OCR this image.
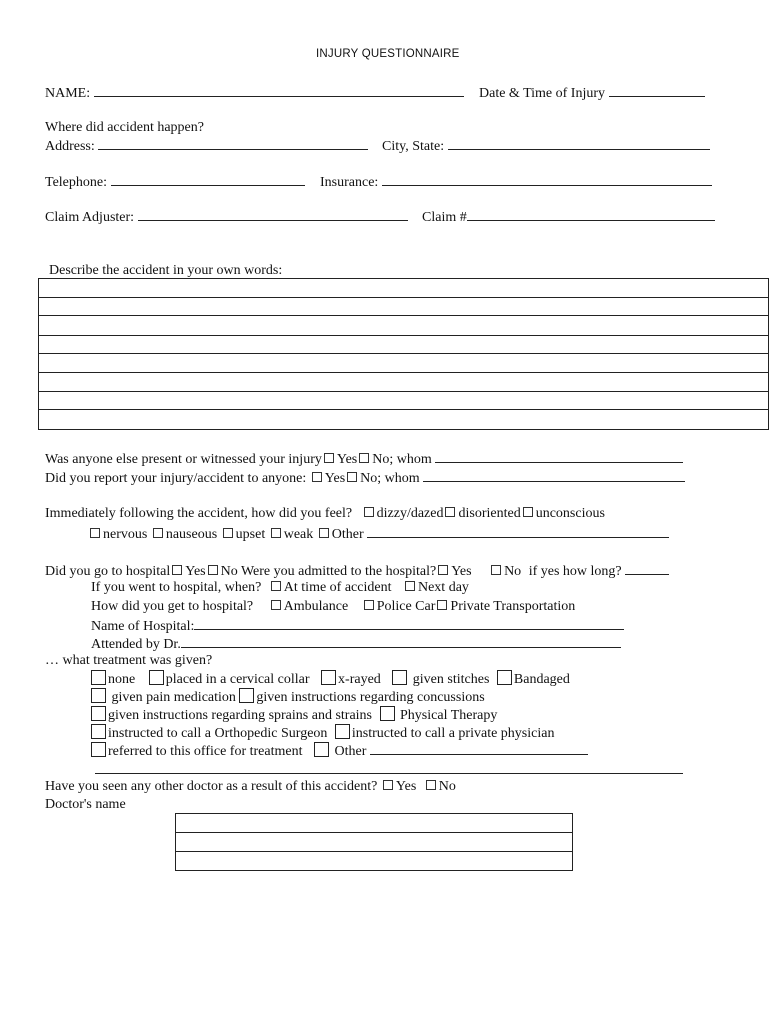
INJURY QUESTIONNAIRE
NAME:	Date & Time of Injury
Where did accident happen?
Address:	City, State:
Telephone:	Insurance:
Claim Adjuster:	Claim #
Describe the accident in your own words:
Was anyone else present or witnessed your injury Yes No; whom
Did you report your injury/accident to anyone: Yes No; whom
Immediately following the accident, how did you feel? dizzy/dazed disoriented unconscious
nervous nauseous upset weak Other
Did you go to hospital Yes No Were you admitted to the hospital? Yes No if yes how long?
If you went to hospital, when? At time of accident Next day
How did you get to hospital? Ambulance Police Car Private Transportation
Name of Hospital:
Attended by Dr.
… what treatment was given?
none placed in a cervical collar x-rayed given stitches Bandaged
given pain medication given instructions regarding concussions
given instructions regarding sprains and strains Physical Therapy
instructed to call a Orthopedic Surgeon instructed to call a private physician
referred to this office for treatment Other
Have you seen any other doctor as a result of this accident? Yes No
Doctor's name
